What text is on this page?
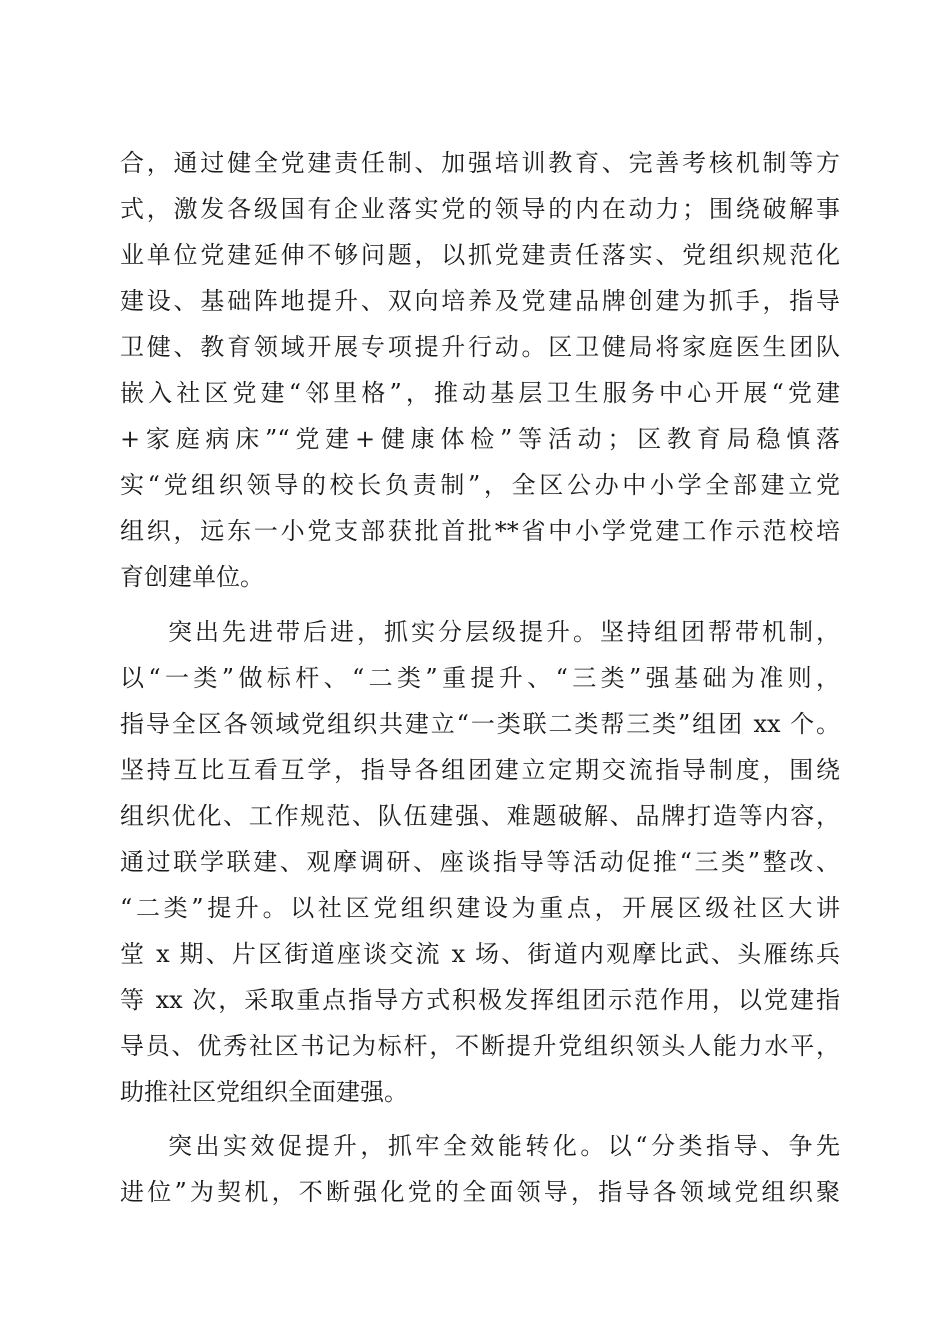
合，通过健全党建责任制、加强培训教育、完善考核机制等方
式，激发各级国有企业落实党的领导的内在动力；围绕破解事
业单位党建延伸不够问题，以抓党建责任落实、党组织规范化
建设、基础阵地提升、双向培养及党建品牌创建为抓手，指导
卫健、教育领域开展专项提升行动。区卫健局将家庭医生团队
嵌入社区党建“邻里格”，推动基层卫生服务中心开展“党建
+家庭病床”“党建+健康体检”等活动；区教育局稳慎落
实“党组织领导的校长负责制”，全区公办中小学全部建立党
组织，远东一小党支部获批首批**省中小学党建工作示范校培
育创建单位。
突出先进带后进，抓实分层级提升。坚持组团帮带机制，
以“一类”做标杆、“二类”重提升、“三类”强基础为准则，
指导全区各领域党组织共建立“一类联二类帮三类”组团 xx 个。
坚持互比互看互学，指导各组团建立定期交流指导制度，围绕
组织优化、工作规范、队伍建强、难题破解、品牌打造等内容，
通过联学联建、观摩调研、座谈指导等活动促推“三类”整改、
“二类”提升。以社区党组织建设为重点，开展区级社区大讲
堂 x 期、片区街道座谈交流 x 场、街道内观摩比武、头雁练兵
等 xx 次，采取重点指导方式积极发挥组团示范作用，以党建指
导员、优秀社区书记为标杆，不断提升党组织领头人能力水平，
助推社区党组织全面建强。
突出实效促提升，抓牢全效能转化。以“分类指导、争先
进位”为契机，不断强化党的全面领导，指导各领域党组织聚
